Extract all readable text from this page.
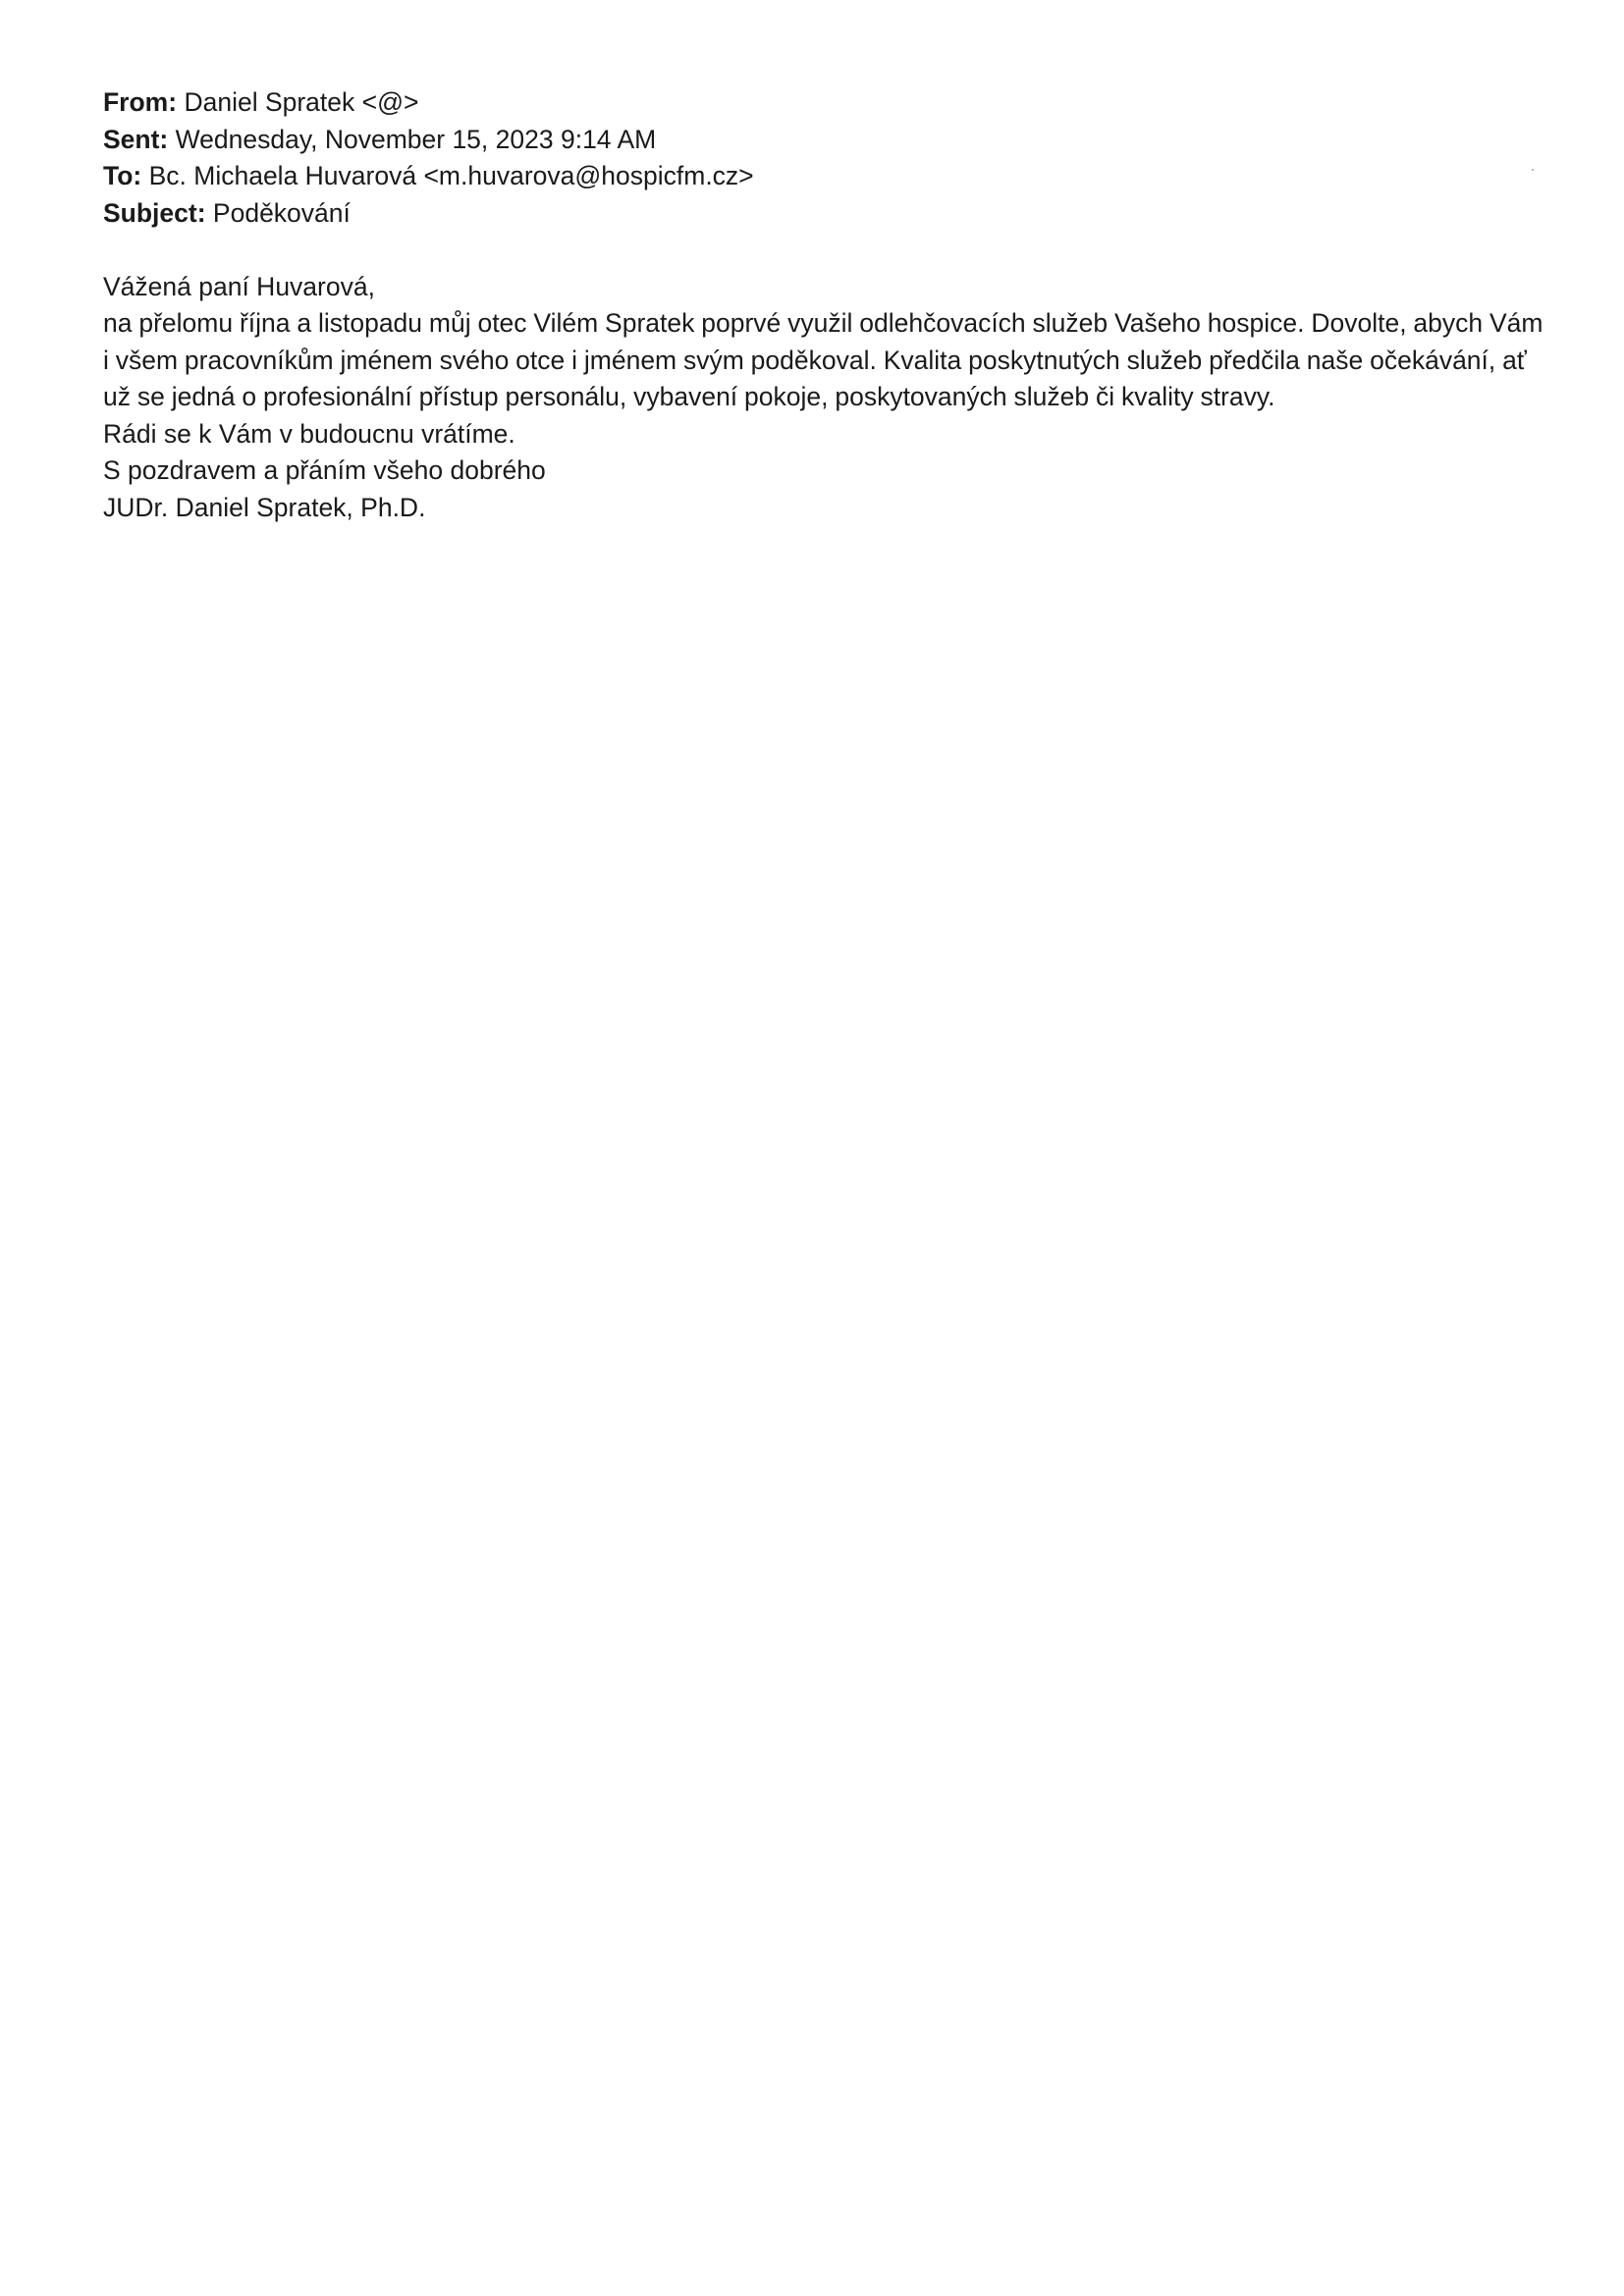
From: Daniel Spratek <@>
Sent: Wednesday, November 15, 2023 9:14 AM
To: Bc. Michaela Huvarová <m.huvarova@hospicfm.cz>
Subject: Poděkování
Vážená paní Huvarová,
na přelomu října a listopadu můj otec Vilém Spratek poprvé využil odlehčovacích služeb Vašeho hospice. Dovolte, abych Vám i všem pracovníkům jménem svého otce i jménem svým poděkoval. Kvalita poskytnutých služeb předčila naše očekávání, ať už se jedná o profesionální přístup personálu, vybavení pokoje, poskytovaných služeb či kvality stravy.
Rádi se k Vám v budoucnu vrátíme.
S pozdravem a přáním všeho dobrého
JUDr. Daniel Spratek, Ph.D.
